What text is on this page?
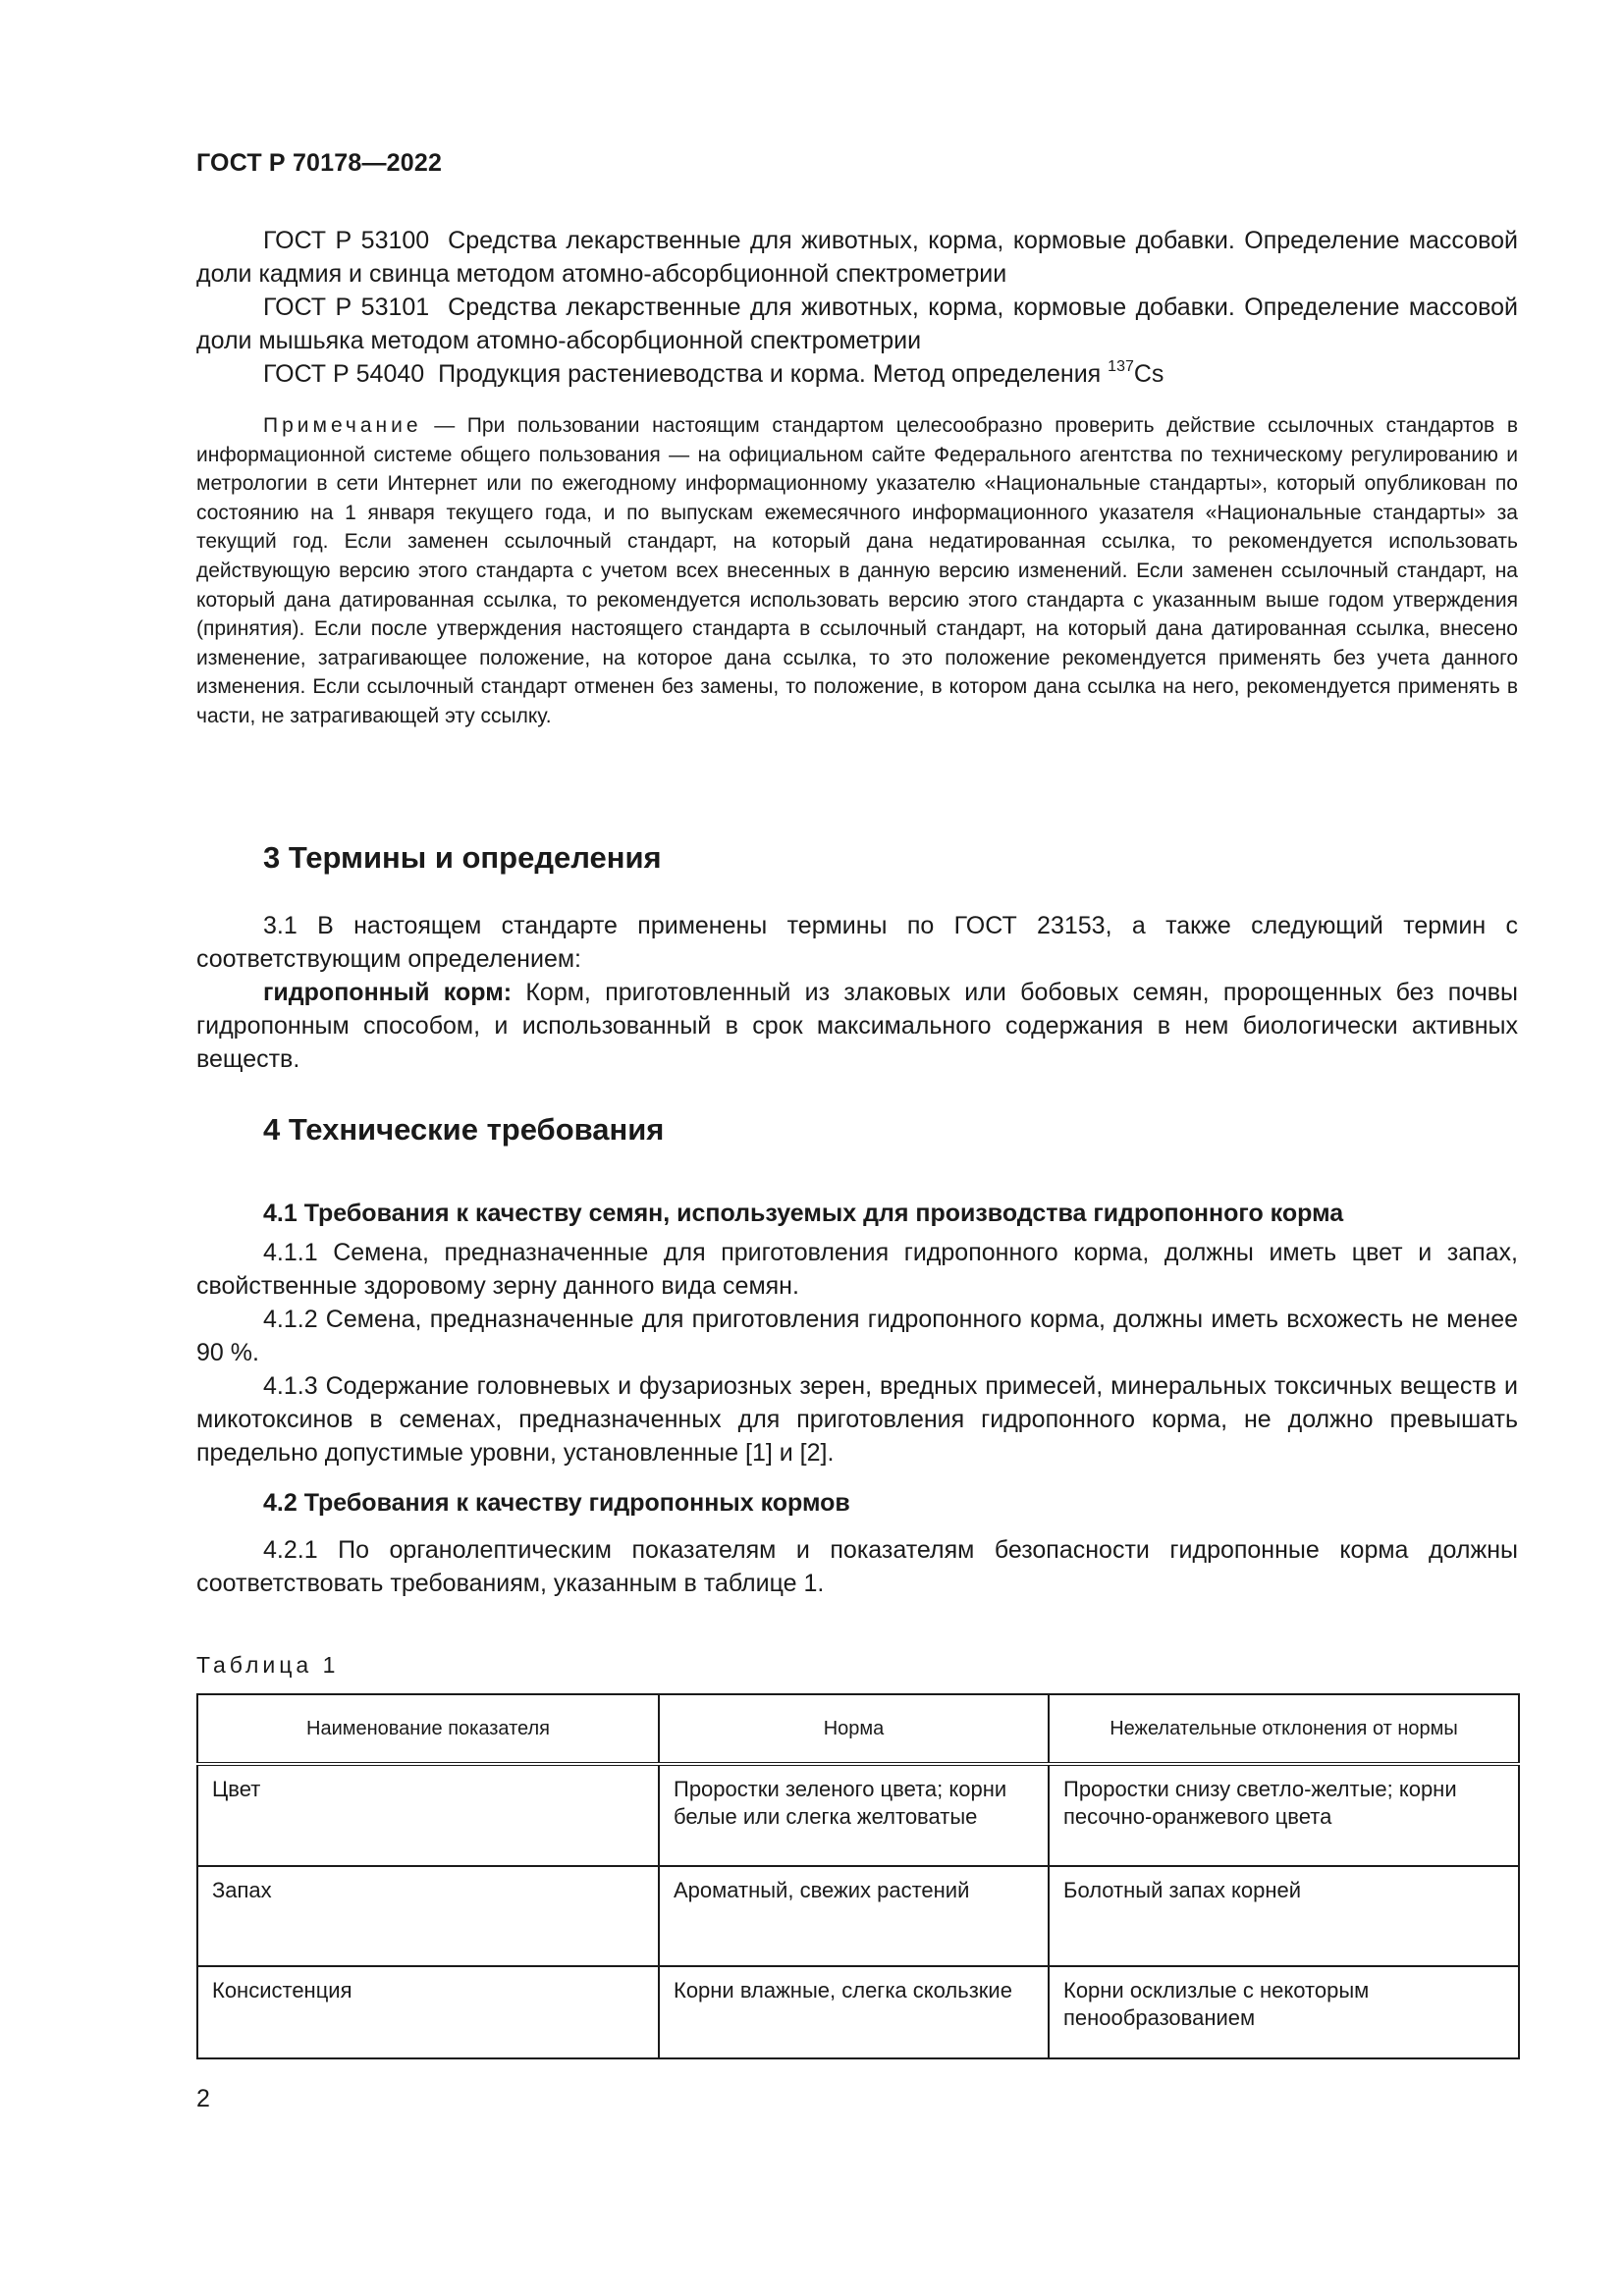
ГОСТ Р 70178—2022

ГОСТ Р 53100 Средства лекарственные для животных, корма, кормовые добавки. Определение массовой доли кадмия и свинца методом атомно-абсорбционной спектрометрии

ГОСТ Р 53101 Средства лекарственные для животных, корма, кормовые добавки. Определение массовой доли мышьяка методом атомно-абсорбционной спектрометрии

ГОСТ Р 54040 Продукция растениеводства и корма. Метод определения $^{137}$Cs

Примечание — При пользовании настоящим стандартом целесообразно проверить действие ссылочных стандартов в информационной системе общего пользования — на официальном сайте Федерального агентства по техническому регулированию и метрологии в сети Интернет или по ежегодному информационному указателю «Национальные стандарты», который опубликован по состоянию на 1 января текущего года, и по выпускам ежемесячного информационного указателя «Национальные стандарты» за текущий год. Если заменен ссылочный стандарт, на который дана недатированная ссылка, то рекомендуется использовать действующую версию этого стандарта с учетом всех внесенных в данную версию изменений. Если заменен ссылочный стандарт, на который дана датированная ссылка, то рекомендуется использовать версию этого стандарта с указанным выше годом утверждения (принятия). Если после утверждения настоящего стандарта в ссылочный стандарт, на который дана датированная ссылка, внесено изменение, затрагивающее положение, на которое дана ссылка, то это положение рекомендуется применять без учета данного изменения. Если ссылочный стандарт отменен без замены, то положение, в котором дана ссылка на него, рекомендуется применять в части, не затрагивающей эту ссылку.

3 Термины и определения

3.1 В настоящем стандарте применены термины по ГОСТ 23153, а также следующий термин с соответствующим определением:

гидропонный корм: Корм, приготовленный из злаковых или бобовых семян, пророщенных без почвы гидропонным способом, и использованный в срок максимального содержания в нем биологически активных веществ.

4 Технические требования
4.1 Требования к качеству семян, используемых для производства гидропонного корма

4.1.1 Семена, предназначенные для приготовления гидропонного корма, должны иметь цвет и запах, свойственные здоровому зерну данного вида семян.

4.1.2 Семена, предназначенные для приготовления гидропонного корма, должны иметь всхожесть не менее 90 %.

4.1.3 Содержание головневых и фузариозных зерен, вредных примесей, минеральных токсичных веществ и микотоксинов в семенах, предназначенных для приготовления гидропонного корма, не должно превышать предельно допустимые уровни, установленные [1] и [2].

4.2 Требования к качеству гидропонных кормов

4.2.1 По органолептическим показателям и показателям безопасности гидропонные корма должны соответствовать требованиям, указанным в таблице 1.

Таблица 1
Наименование показателя	Норма	Нежелательные отклонения от нормы
Цвет	Проростки зеленого цвета; корни белые или слегка желтоватые	Проростки снизу светло-желтые; корни песочно-оранжевого цвета
Запах	Ароматный, свежих растений	Болотный запах корней
Консистенция	Корни влажные, слегка скользкие	Корни осклизлые с некоторым пенообразованием
2
